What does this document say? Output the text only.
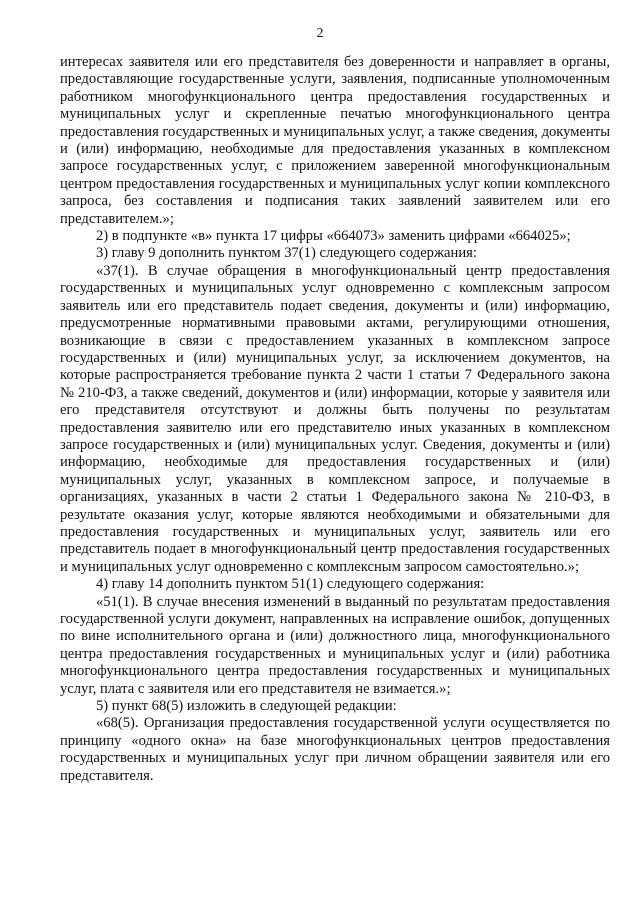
2

интересах заявителя или его представителя без доверенности и направляет в органы, предоставляющие государственные услуги, заявления, подписанные уполномоченным работником многофункционального центра предоставления государственных и муниципальных услуг и скрепленные печатью многофункционального центра предоставления государственных и муниципальных услуг, а также сведения, документы и (или) информацию, необходимые для предоставления указанных в комплексном запросе государственных услуг, с приложением заверенной многофункциональным центром предоставления государственных и муниципальных услуг копии комплексного запроса, без составления и подписания таких заявлений заявителем или его представителем.»;

2) в подпункте «в» пункта 17 цифры «664073» заменить цифрами «664025»;

3) главу 9 дополнить пунктом 37(1) следующего содержания:

«37(1). В случае обращения в многофункциональный центр предоставления государственных и муниципальных услуг одновременно с комплексным запросом заявитель или его представитель подает сведения, документы и (или) информацию, предусмотренные нормативными правовыми актами, регулирующими отношения, возникающие в связи с предоставлением указанных в комплексном запросе государственных и (или) муниципальных услуг, за исключением документов, на которые распространяется требование пункта 2 части 1 статьи 7 Федерального закона № 210-ФЗ, а также сведений, документов и (или) информации, которые у заявителя или его представителя отсутствуют и должны быть получены по результатам предоставления заявителю или его представителю иных указанных в комплексном запросе государственных и (или) муниципальных услуг. Сведения, документы и (или) информацию, необходимые для предоставления государственных и (или) муниципальных услуг, указанных в комплексном запросе, и получаемые в организациях, указанных в части 2 статьи 1 Федерального закона № 210-ФЗ, в результате оказания услуг, которые являются необходимыми и обязательными для предоставления государственных и муниципальных услуг, заявитель или его представитель подает в многофункциональный центр предоставления государственных и муниципальных услуг одновременно с комплексным запросом самостоятельно.»;

4) главу 14 дополнить пунктом 51(1) следующего содержания:

«51(1). В случае внесения изменений в выданный по результатам предоставления государственной услуги документ, направленных на исправление ошибок, допущенных по вине исполнительного органа и (или) должностного лица, многофункционального центра предоставления государственных и муниципальных услуг и (или) работника многофункционального центра предоставления государственных и муниципальных услуг, плата с заявителя или его представителя не взимается.»;

5) пункт 68(5) изложить в следующей редакции:

«68(5). Организация предоставления государственной услуги осуществляется по принципу «одного окна» на базе многофункциональных центров предоставления государственных и муниципальных услуг при личном обращении заявителя или его представителя.
